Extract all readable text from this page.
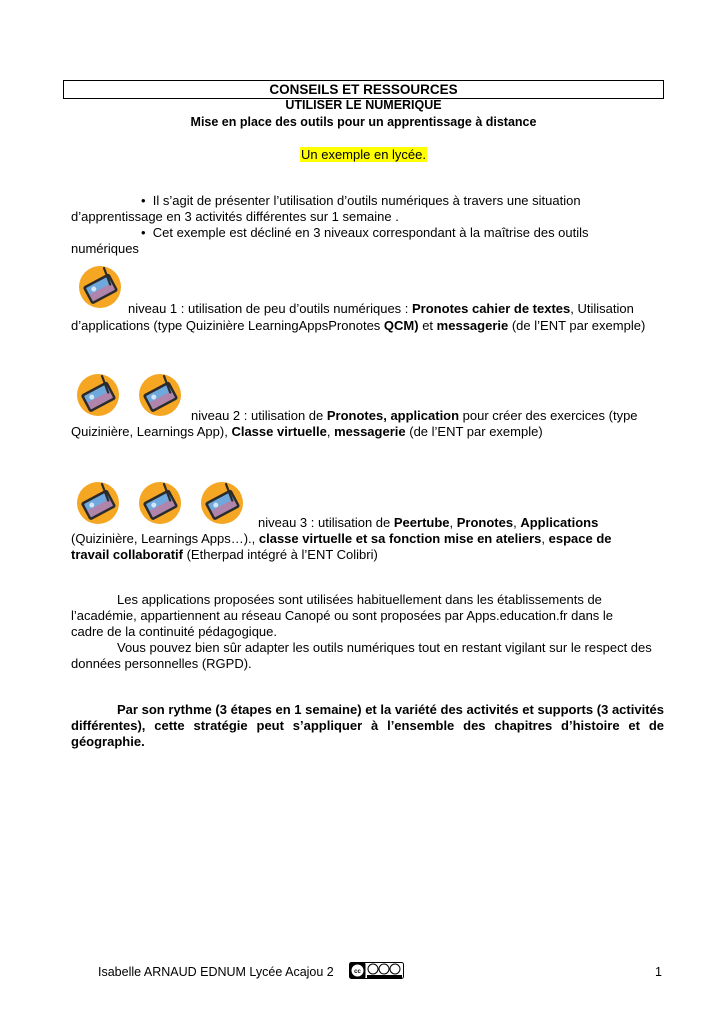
CONSEILS ET RESSOURCES
UTILISER LE NUMERIQUE
Mise en place des outils pour un apprentissage à distance
Un exemple en lycée.
•  Il s’agit de présenter l’utilisation d’outils numériques à travers une situation
d’apprentissage en 3 activités différentes sur 1 semaine .
•  Cet exemple est décliné en 3 niveaux correspondant à la maîtrise des outils
numériques
niveau 1 : utilisation de peu d’outils numériques : Pronotes cahier de textes, Utilisation
d’applications (type Quizinière LearningAppsPronotes QCM) et messagerie (de l’ENT par exemple)
niveau 2 : utilisation de Pronotes, application pour créer des exercices (type
Quizinière, Learnings App), Classe virtuelle, messagerie (de l’ENT par exemple)
niveau 3 : utilisation de Peertube, Pronotes, Applications
(Quizinière, Learnings Apps…)., classe virtuelle et sa fonction mise en ateliers, espace de
travail collaboratif (Etherpad intégré à l’ENT Colibri)
Les applications proposées sont utilisées habituellement dans les établissements de
l’académie, appartiennent au réseau Canopé ou sont proposées par Apps.education.fr dans le
cadre de la continuité pédagogique.
Vous pouvez bien sûr adapter les outils numériques tout en restant vigilant sur le respect des
données personnelles (RGPD).
Par son rythme (3 étapes en 1 semaine) et la variété des activités et supports (3 activités différentes), cette stratégie peut s’appliquer à l’ensemble des chapitres d’histoire et de géographie.
Isabelle ARNAUD EDNUM Lycée Acajou 2	cc	1
